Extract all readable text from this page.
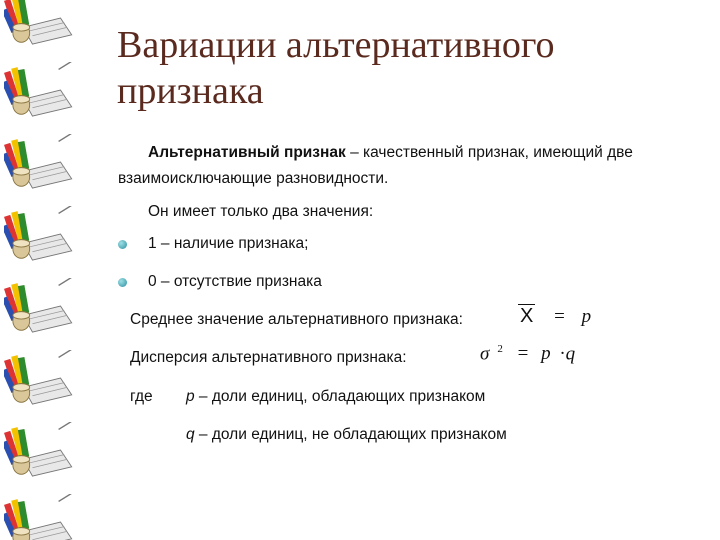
Вариации альтернативного признака

Альтернативный признак – качественный признак, имеющий две взаимоисключающие разновидности.

Он имеет только два значения:

1 – наличие признака;

0 – отсутствие признака

Среднее значение альтернативного признака:	X = p

Дисперсия альтернативного признака:	σ $^2$ = p ·q

где p – доли единиц, обладающих признаком

q – доли единиц, не обладающих признаком
